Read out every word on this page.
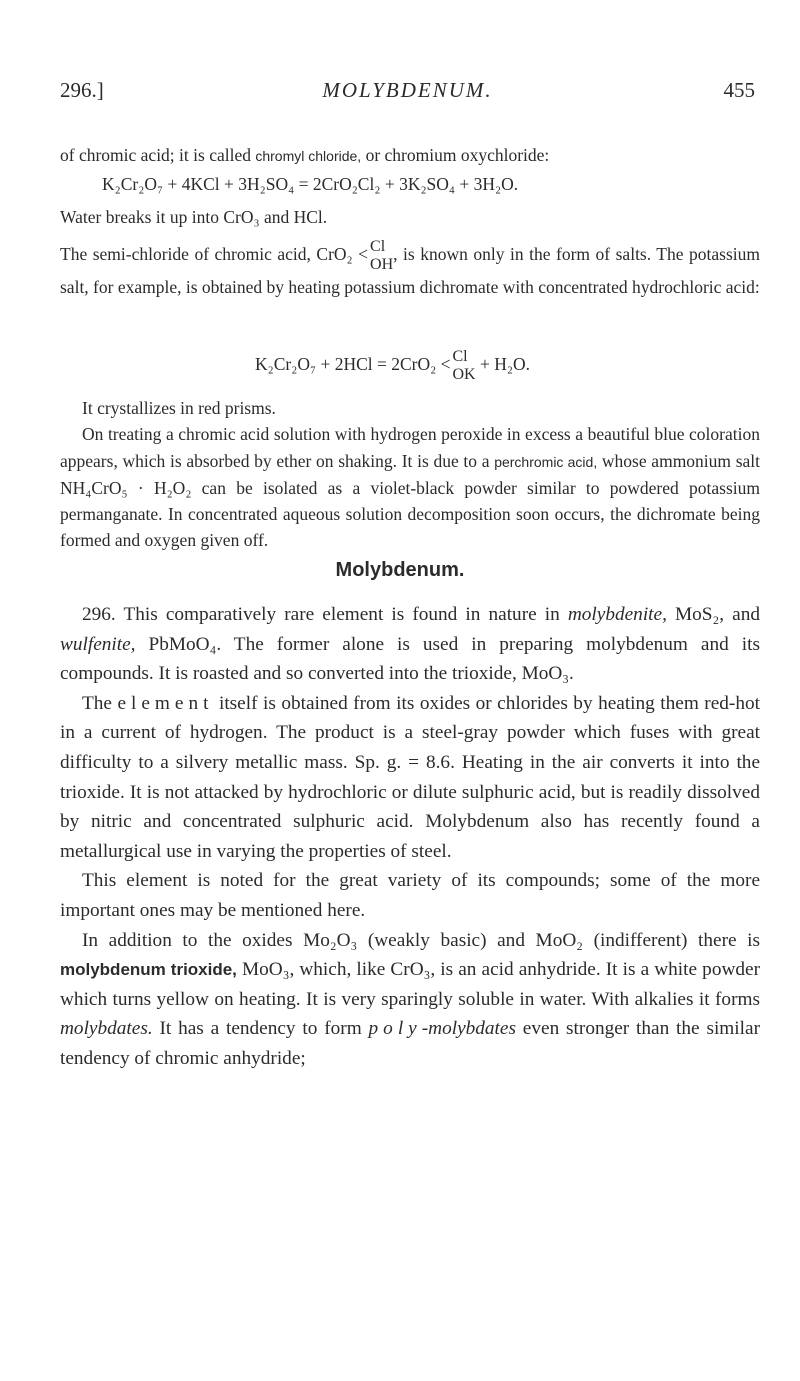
296.]	MOLYBDENUM.	455

of chromic acid; it is called chromyl chloride, or chromium oxychloride:

K₂Cr₂O₇ + 4KCl + 3H₂SO₄ = 2CrO₂Cl₂ + 3K₂SO₄ + 3H₂O.

Water breaks it up into CrO₃ and HCl.

The semi-chloride of chromic acid, CrO₂ < Cl
OH
, is known only in the form of salts. The potassium salt, for example, is obtained by heating potassium dichromate with concentrated hydrochloric acid:

K₂Cr₂O₇ + 2HCl = 2CrO₂ < Cl
OK
+ H₂O.

It crystallizes in red prisms.

On treating a chromic acid solution with hydrogen peroxide in excess a beautiful blue coloration appears, which is absorbed by ether on shaking. It is due to a perchromic acid, whose ammonium salt NH₄CrO₅ · H₂O₂ can be isolated as a violet-black powder similar to powdered potassium permanganate. In concentrated aqueous solution decomposition soon occurs, the dichromate being formed and oxygen given off.

Molybdenum.

296. This comparatively rare element is found in nature in molybdenite, MoS₂, and wulfenite, PbMoO₄. The former alone is used in preparing molybdenum and its compounds. It is roasted and so converted into the trioxide, MoO₃.

The element itself is obtained from its oxides or chlorides by heating them red-hot in a current of hydrogen. The product is a steel-gray powder which fuses with great difficulty to a silvery metallic mass. Sp. g. = 8.6. Heating in the air converts it into the trioxide. It is not attacked by hydrochloric or dilute sulphuric acid, but is readily dissolved by nitric and concentrated sulphuric acid. Molybdenum also has recently found a metallurgical use in varying the properties of steel.

This element is noted for the great variety of its compounds; some of the more important ones may be mentioned here.

In addition to the oxides Mo₂O₃ (weakly basic) and MoO₂ (indifferent) there is molybdenum trioxide, MoO₃, which, like CrO₃, is an acid anhydride. It is a white powder which turns yellow on heating. It is very sparingly soluble in water. With alkalies it forms molybdates. It has a tendency to form poly-molybdates even stronger than the similar tendency of chromic anhydride;
